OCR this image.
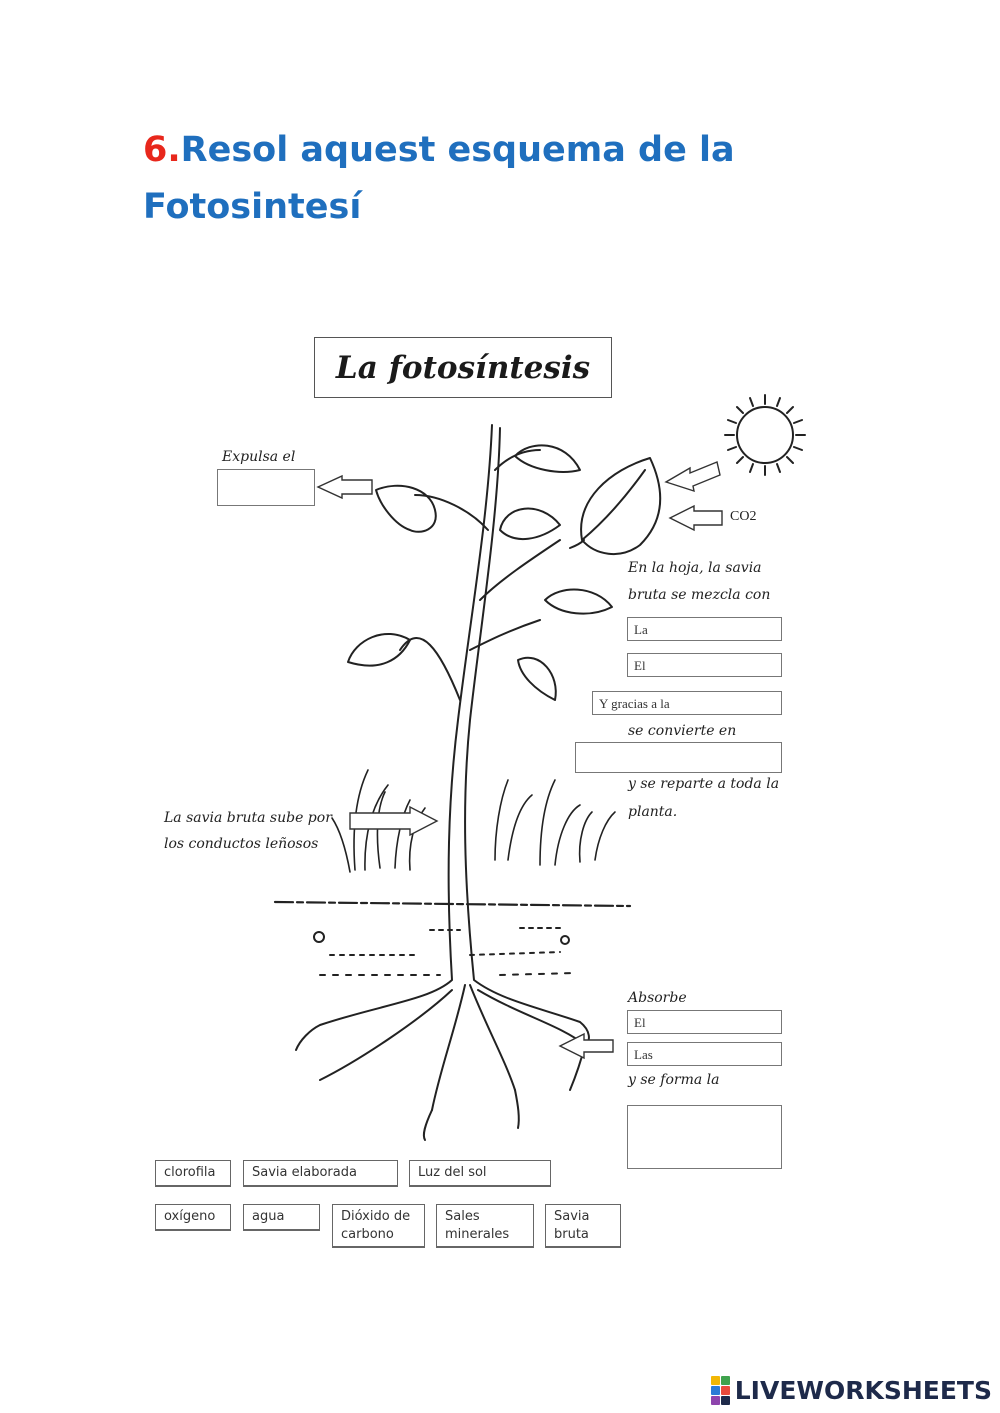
6.Resol aquest esquema de la
Fotosintesí
La fotosíntesis
Expulsa el
CO2
En la hoja, la savia
bruta se mezcla con
se convierte en
y se reparte a toda la
planta.
La savia bruta sube por
los conductos leñosos
Absorbe
y se forma la
La
El
Y gracias a la
El
Las
clorofila	Savia elaborada	Luz del sol
oxígeno	agua	Dióxido de
carbono
Sales
minerales
Savia
bruta
LIVEWORKSHEETS
